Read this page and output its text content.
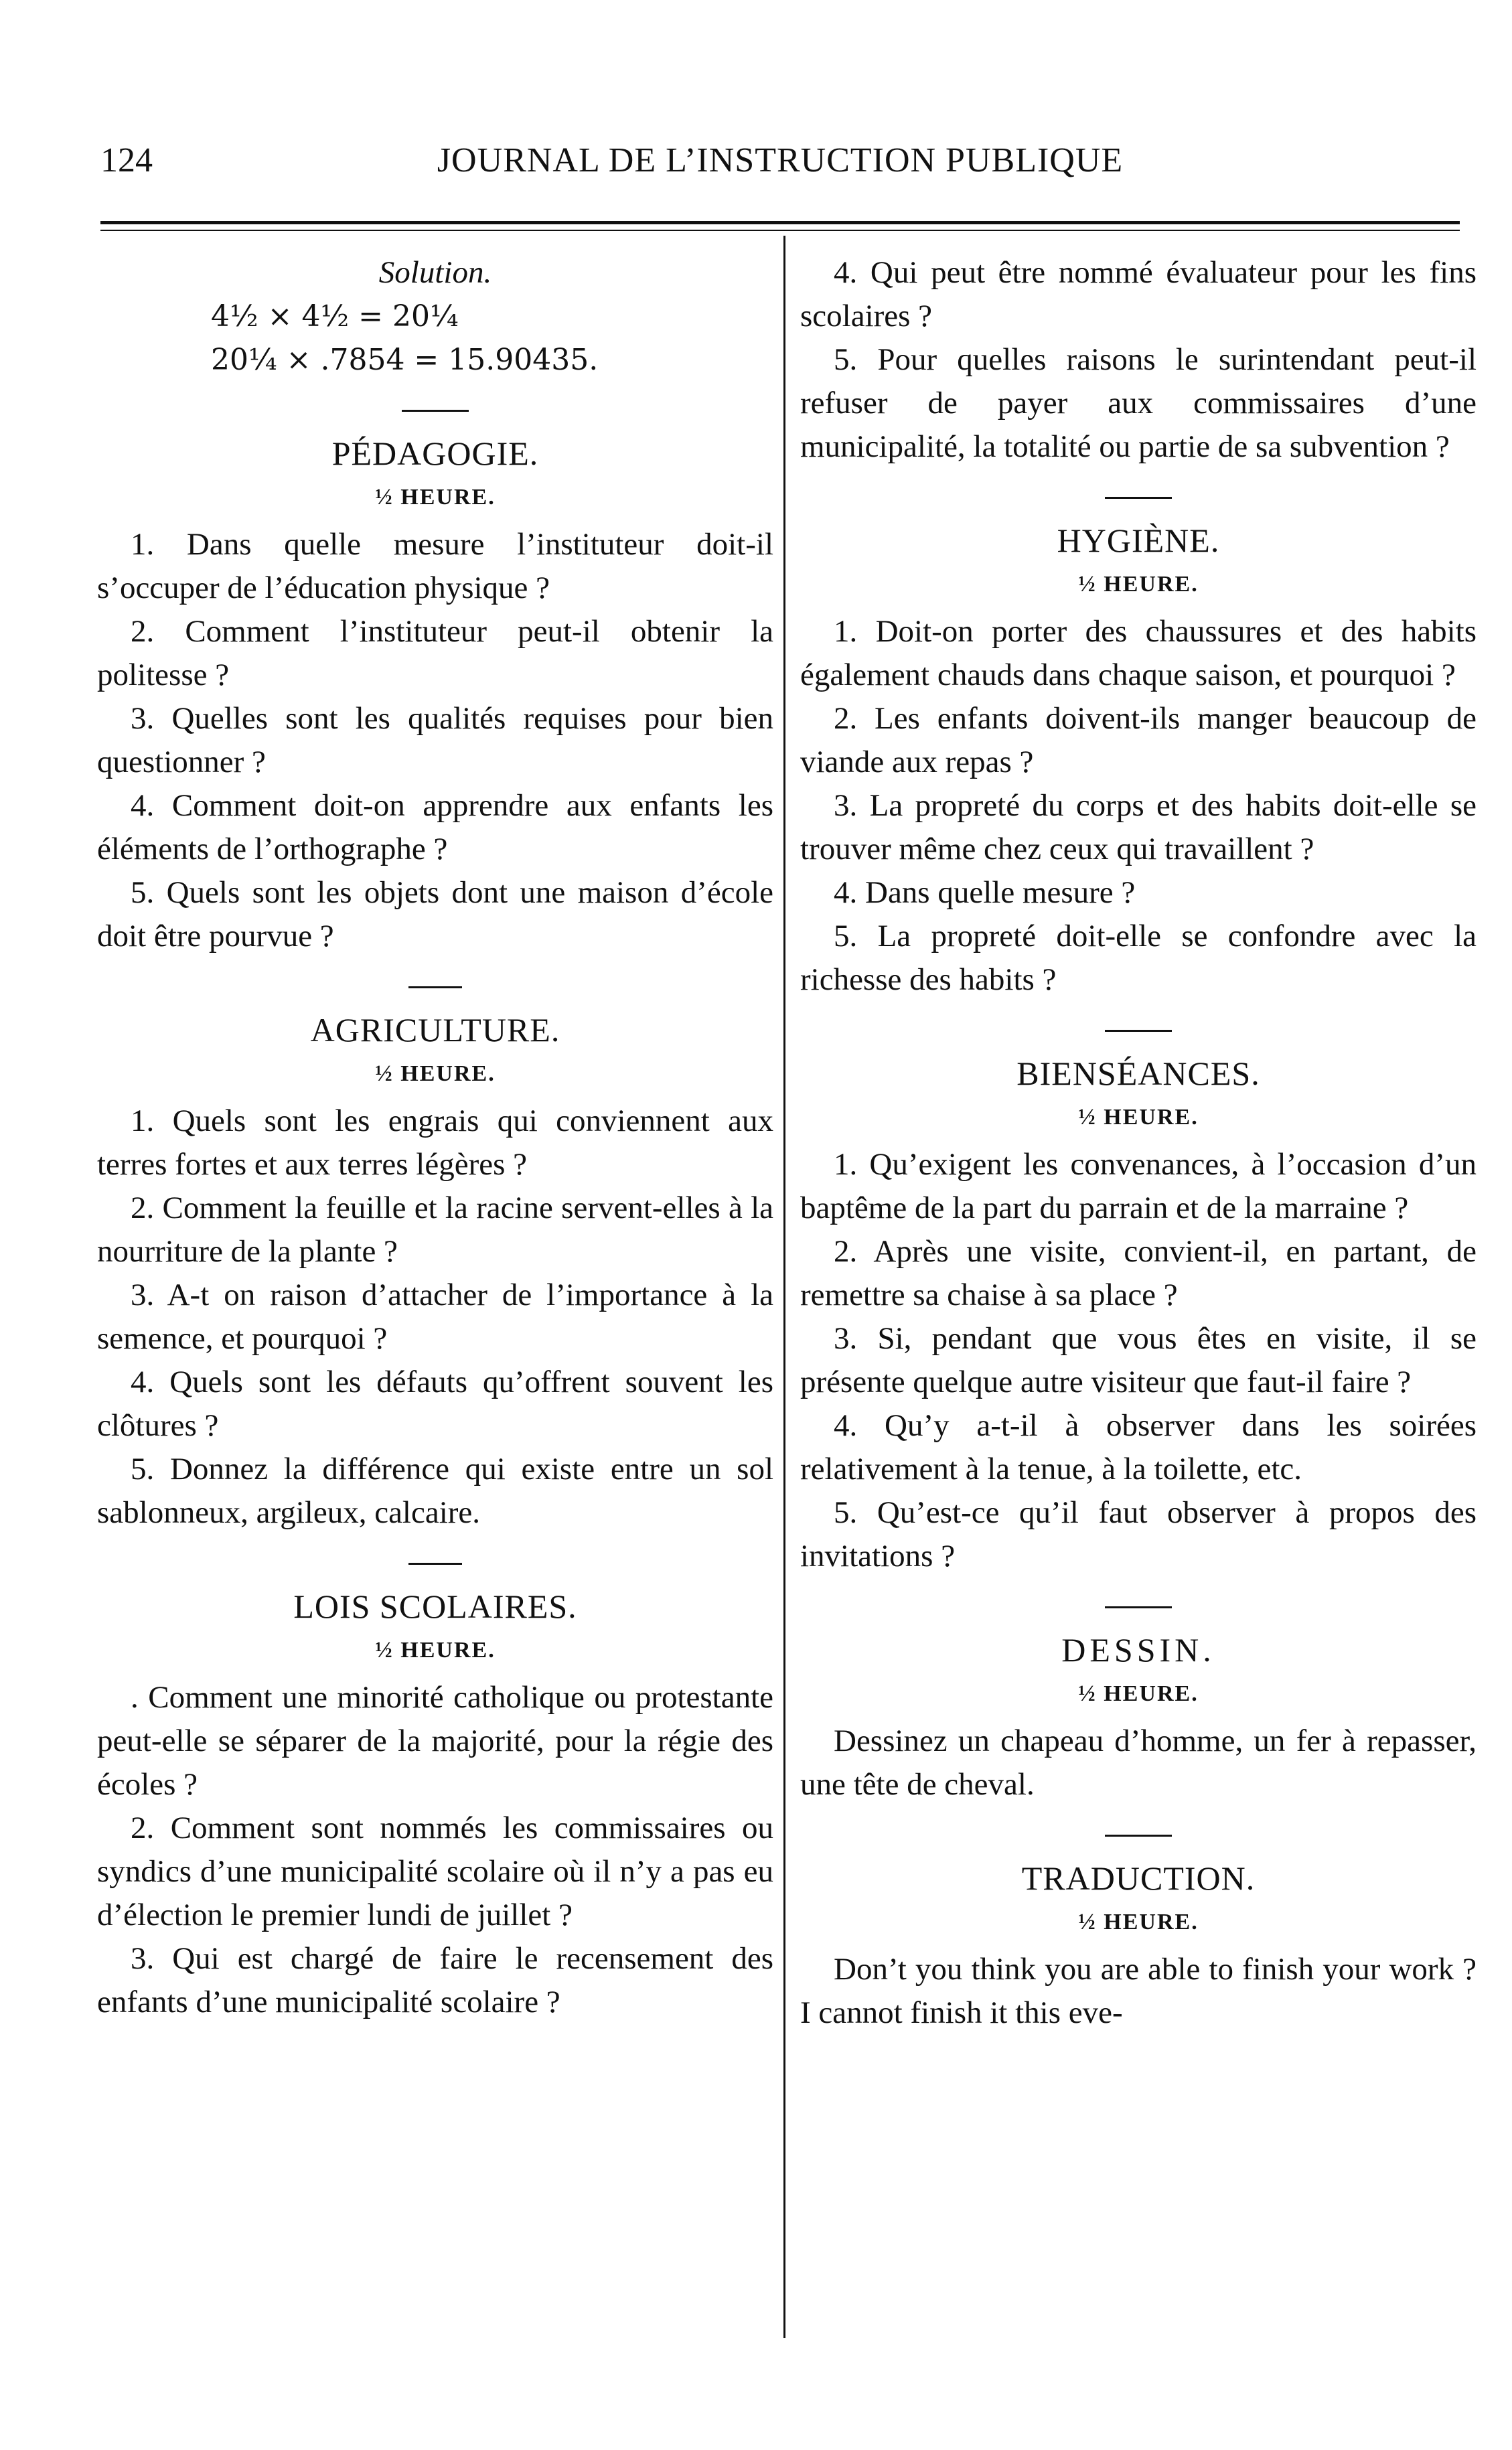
124	JOURNAL DE L’INSTRUCTION PUBLIQUE

Solution.

4½ × 4½ = 20¼

20¼ × .7854 = 15.90435.

PÉDAGOGIE.

½ HEURE.

1. Dans quelle mesure l’instituteur doit-il s’occuper de l’éducation physique ?

2. Comment l’instituteur peut-il obtenir la politesse ?

3. Quelles sont les qualités requises pour bien questionner ?

4. Comment doit-on apprendre aux enfants les éléments de l’orthographe ?

5. Quels sont les objets dont une maison d’école doit être pourvue ?

AGRICULTURE.

½ HEURE.

1. Quels sont les engrais qui conviennent aux terres fortes et aux terres légères ?

2. Comment la feuille et la racine servent-elles à la nourriture de la plante ?

3. A-t on raison d’attacher de l’importance à la semence, et pourquoi ?

4. Quels sont les défauts qu’offrent souvent les clôtures ?

5. Donnez la différence qui existe entre un sol sablonneux, argileux, calcaire.

LOIS SCOLAIRES.

½ HEURE.

. Comment une minorité catholique ou protestante peut-elle se séparer de la majorité, pour la régie des écoles ?

2. Comment sont nommés les commissaires ou syndics d’une municipalité scolaire où il n’y a pas eu d’élection le premier lundi de juillet ?

3. Qui est chargé de faire le recensement des enfants d’une municipalité scolaire ?

4. Qui peut être nommé évaluateur pour les fins scolaires ?

5. Pour quelles raisons le surintendant peut-il refuser de payer aux commissaires d’une municipalité, la totalité ou partie de sa subvention ?

HYGIÈNE.

½ HEURE.

1. Doit-on porter des chaussures et des habits également chauds dans chaque saison, et pourquoi ?

2. Les enfants doivent-ils manger beaucoup de viande aux repas ?

3. La propreté du corps et des habits doit-elle se trouver même chez ceux qui travaillent ?

4. Dans quelle mesure ?

5. La propreté doit-elle se confondre avec la richesse des habits ?

BIENSÉANCES.

½ HEURE.

1. Qu’exigent les convenances, à l’occasion d’un baptême de la part du parrain et de la marraine ?

2. Après une visite, convient-il, en partant, de remettre sa chaise à sa place ?

3. Si, pendant que vous êtes en visite, il se présente quelque autre visiteur que faut-il faire ?

4. Qu’y a-t-il à observer dans les soirées relativement à la tenue, à la toilette, etc.

5. Qu’est-ce qu’il faut observer à propos des invitations ?

DESSIN.

½ HEURE.

Dessinez un chapeau d’homme, un fer à repasser, une tête de cheval.

TRADUCTION.

½ HEURE.

Don’t you think you are able to finish your work ? I cannot finish it this eve-
